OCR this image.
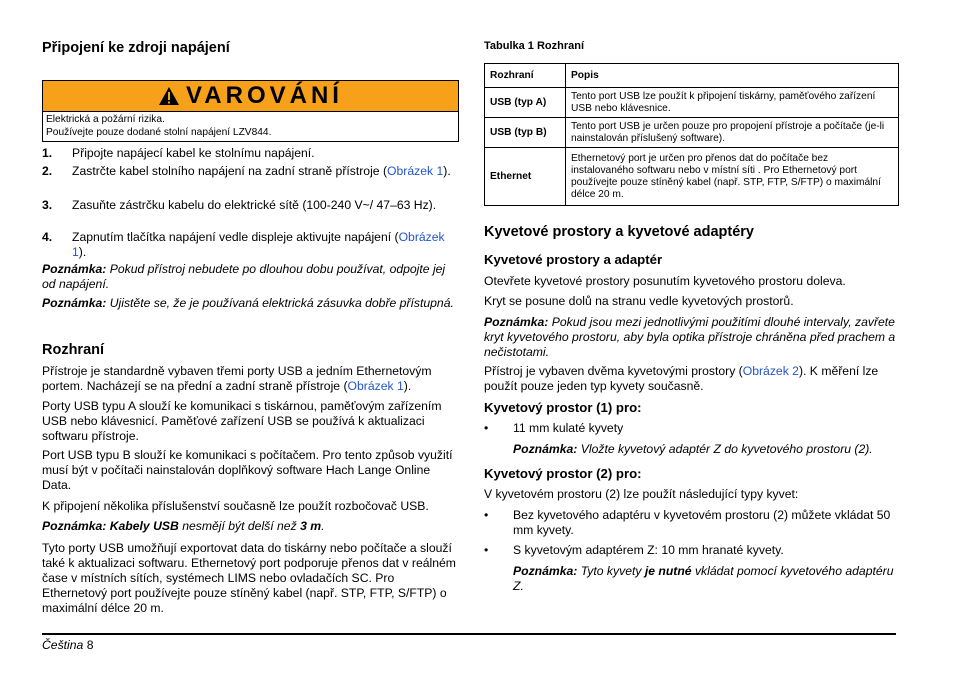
Připojení ke zdroji napájení
VAROVÁNÍ
Elektrická a požární rizika.
Používejte pouze dodané stolní napájení LZV844.
1. Připojte napájecí kabel ke stolnímu napájení.
2. Zastrčte kabel stolního napájení na zadní straně přístroje (Obrázek 1).
3. Zasuňte zástrčku kabelu do elektrické sítě (100-240 V~/ 47–63 Hz).
4. Zapnutím tlačítka napájení vedle displeje aktivujte napájení (Obrázek 1).

Poznámka: Pokud přístroj nebudete po dlouhou dobu používat, odpojte jej od napájení.

Poznámka: Ujistěte se, že je používaná elektrická zásuvka dobře přístupná.

Rozhraní

Přístroje je standardně vybaven třemi porty USB a jedním Ethernetovým portem. Nacházejí se na přední a zadní straně přístroje (Obrázek 1).

Porty USB typu A slouží ke komunikaci s tiskárnou, paměťovým zařízením USB nebo klávesnicí. Paměťové zařízení USB se používá k aktualizaci softwaru přístroje.

Port USB typu B slouží ke komunikaci s počítačem. Pro tento způsob využití musí být v počítači nainstalován doplňkový software Hach Lange Online Data.

K připojení několika příslušenství současně lze použít rozbočovač USB.

Poznámka: Kabely USB nesmějí být delší než 3 m.

Tyto porty USB umožňují exportovat data do tiskárny nebo počítače a slouží také k aktualizaci softwaru. Ethernetový port podporuje přenos dat v reálném čase v místních sítích, systémech LIMS nebo ovladačích SC. Pro Ethernetový port používejte pouze stíněný kabel (např. STP, FTP, S/FTP) o maximální délce 20 m.

Tabulka 1 Rozhraní
Rozhraní	Popis
USB (typ A)	Tento port USB lze použít k připojení tiskárny, paměťového zařízení USB nebo klávesnice.
USB (typ B)	Tento port USB je určen pouze pro propojení přístroje a počítače (je-li nainstalován příslušený software).
Ethernet	Ethernetový port je určen pro přenos dat do počítače bez instalovaného softwaru nebo v místní síti . Pro Ethernetový port používejte pouze stíněný kabel (např. STP, FTP, S/FTP) o maximální délce 20 m.
Kyvetové prostory a kyvetové adaptéry
Kyvetové prostory a adaptér

Otevřete kyvetové prostory posunutím kyvetového prostoru doleva.

Kryt se posune dolů na stranu vedle kyvetových prostorů.

Poznámka: Pokud jsou mezi jednotlivými použitími dlouhé intervaly, zavřete kryt kyvetového prostoru, aby byla optika přístroje chráněna před prachem a nečistotami.

Přístroj je vybaven dvěma kyvetovými prostory (Obrázek 2). K měření lze použít pouze jeden typ kyvety současně.

Kyvetový prostor (1) pro:
• 11 mm kulaté kyvety
Poznámka: Vložte kyvetový adaptér Z do kyvetového prostoru (2).
Kyvetový prostor (2) pro:

V kyvetovém prostoru (2) lze použít následující typy kyvet:

• Bez kyvetového adaptéru v kyvetovém prostoru (2) můžete vkládat 50 mm kyvety.
• S kyvetovým adaptérem Z: 10 mm hranaté kyvety.
Poznámka: Tyto kyvety je nutné vkládat pomocí kyvetového adaptéru Z.
Čeština 8
